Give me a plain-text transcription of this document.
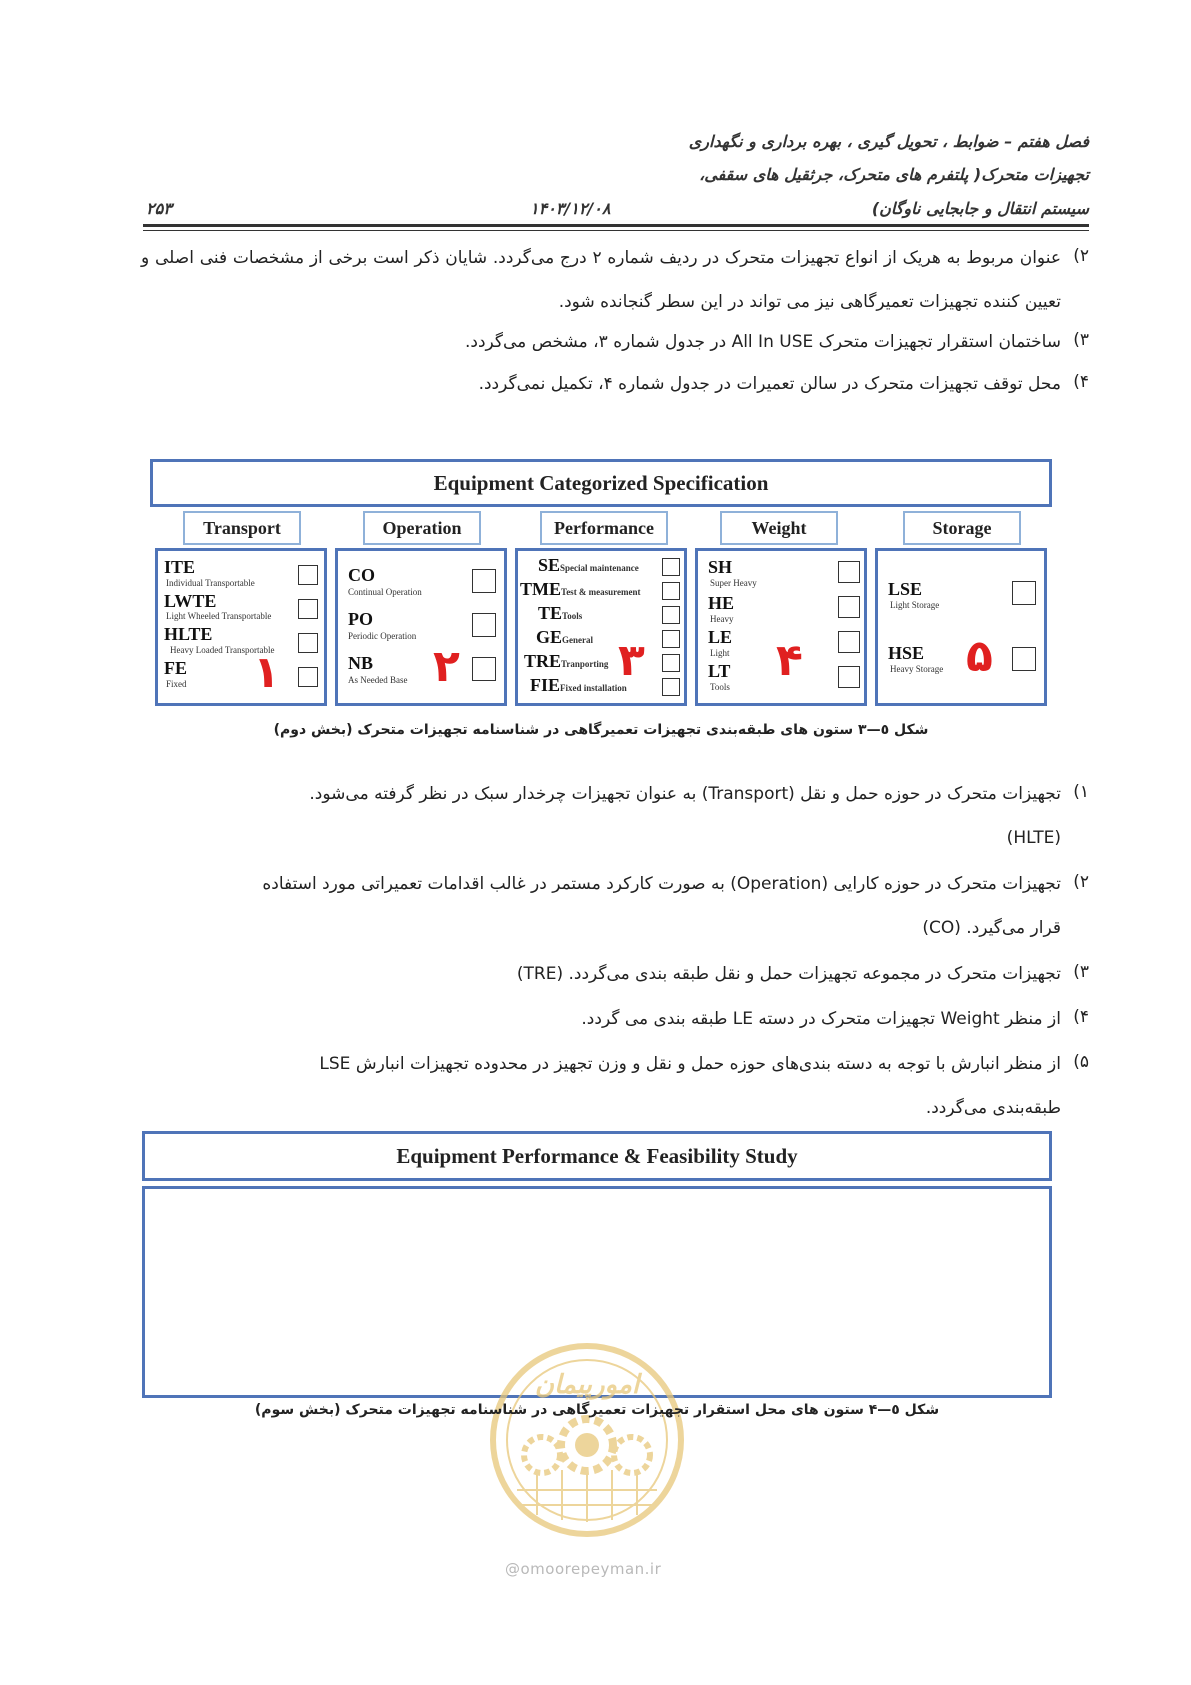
فصل هفتم – ضوابط ، تحویل گیری ، بهره برداری و نگهداری
تجهیزات متحرک( پلتفرم های متحرک، جرثقیل های سقفی،
سیستم انتقال و جابجایی ناوگان)
۱۴۰۳/۱۲/۰۸
۲۵۳
۲)
عنوان مربوط به هریک از انواع تجهیزات متحرک در ردیف شماره ۲ درج می‌گردد. شایان ذکر است برخی از مشخصات فنی اصلی و تعیین کننده تجهیزات تعمیرگاهی نیز می تواند در این سطر گنجانده شود.
۳)
ساختمان استقرار تجهیزات متحرک All In USE در جدول شماره ۳، مشخص می‌گردد.
۴)
محل توقف تجهیزات متحرک در سالن تعمیرات در جدول شماره ۴، تکمیل نمی‌گردد.
Equipment Categorized Specification
Transport	Operation	Performance	Weight	Storage
ITE
Individual Transportable
LWTE
Light Wheeled Transportable
HLTE
Heavy Loaded Transportable
FE
Fixed ۱
CO
Continual Operation
PO
Periodic Operation
NB
As Needed Base ۲
SESpecial maintenance
TMETest & measurement
TETools
GEGeneral
TRETranporting
FIEFixed installation
۳
SH
Super Heavy
HE
Heavy
LE
Light
LT
Tools
۴
LSE
Light Storage
HSE
Heavy Storage ۵
شکل ٥—۳ ستون های طبقه‌بندی تجهیزات تعمیرگاهی در شناسنامه تجهیزات متحرک (بخش دوم)
۱)
تجهیزات متحرک در حوزه حمل و نقل (Transport) به عنوان تجهیزات چرخدار سبک در نظر گرفته می‌شود.
(HLTE)
۲)
تجهیزات متحرک در حوزه کارایی (Operation) به صورت کارکرد مستمر در غالب اقدامات تعمیراتی مورد استفاده
قرار می‌گیرد. (CO)
۳)
تجهیزات متحرک در مجموعه تجهیزات حمل و نقل طبقه بندی می‌گردد. (TRE)
۴)
از منظر Weight تجهیزات متحرک در دسته LE طبقه بندی می گردد.
۵)
از منظر انبارش با توجه به دسته بندی‌های حوزه حمل و نقل و وزن تجهیز در محدوده تجهیزات انبارش LSE
طبقه‌بندی می‌گردد.
Equipment Performance & Feasibility Study
امورپیمان
شکل ٥—۴ ستون های محل استقرار تجهیزات تعمیرگاهی در شناسنامه تجهیزات متحرک (بخش سوم)
@omoorepeyman.ir
